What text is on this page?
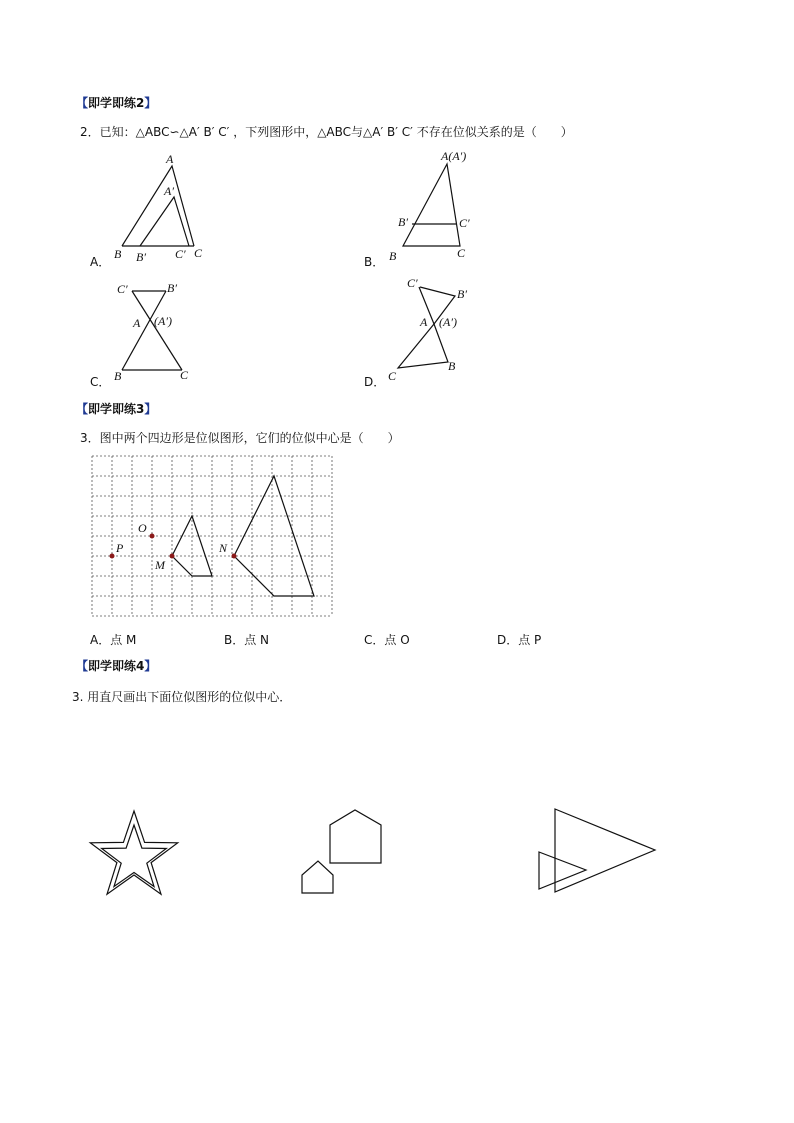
【即学即练2】
2．已知：△ABC∽△A′ B′ C′ ，下列图形中，△ABC与△A′ B′ C′ 不存在位似关系的是（　　）
A
A′
B B′ C′ C
A(A′)
B′	C′
B	C
C′	B′
A (A′)
B	C
C′
B′
A (A′)
C
B
O
P
M
N
A．	B．
C．	D．
【即学即练3】
3．图中两个四边形是位似图形，它们的位似中心是（　　）
A．点 M	B．点 N	C．点 O	D．点 P
【即学即练4】
3. 用直尺画出下面位似图形的位似中心．
